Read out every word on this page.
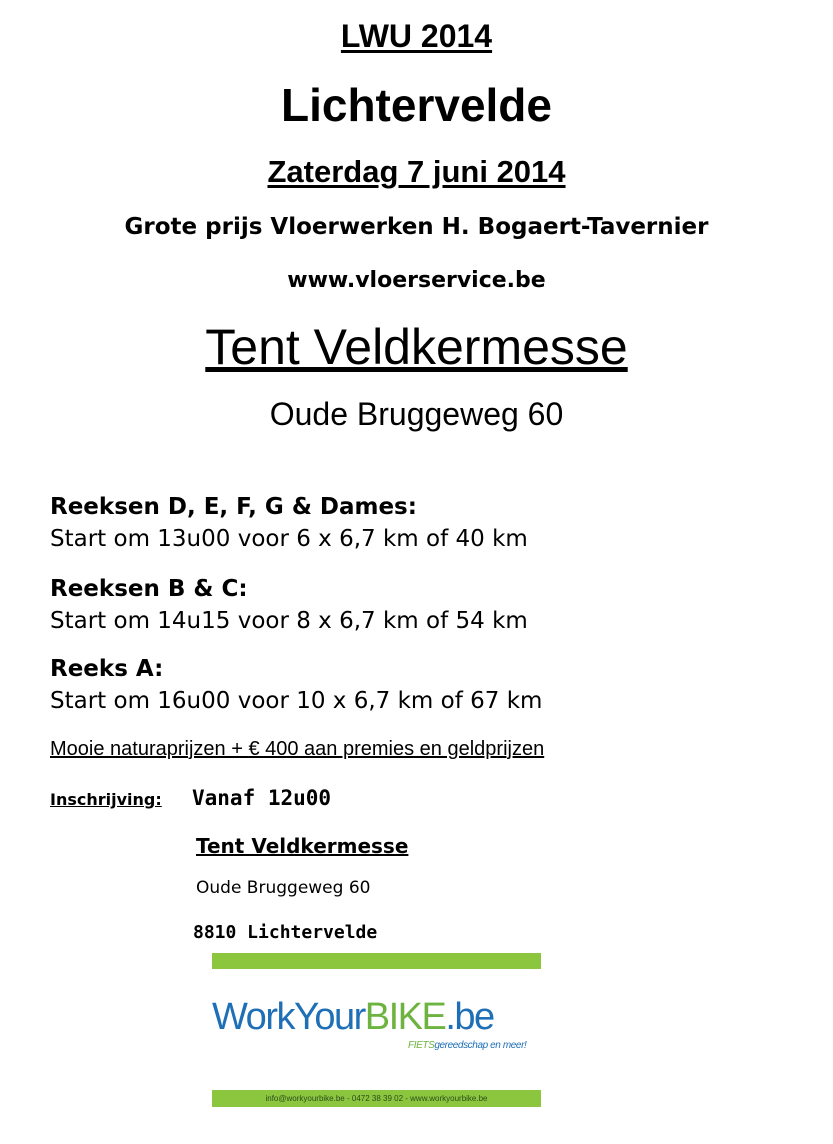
LWU 2014
Lichtervelde
Zaterdag 7 juni 2014
Grote prijs Vloerwerken H. Bogaert-Tavernier
www.vloerservice.be
Tent Veldkermesse
Oude Bruggeweg 60
Reeksen D, E, F, G & Dames:
Start om 13u00 voor 6 x 6,7 km of 40 km
Reeksen B & C:
Start om 14u15 voor 8 x 6,7 km of 54 km
Reeks A:
Start om 16u00 voor 10 x 6,7 km of 67 km
Mooie naturaprijzen + € 400 aan premies en geldprijzen
Inschrijving: Vanaf 12u00
Tent Veldkermesse
Oude Bruggeweg 60
8810 Lichtervelde
WorkYourBIKE.be
FIETSgereedschap en meer!
info@workyourbike.be - 0472 38 39 02 - www.workyourbike.be
